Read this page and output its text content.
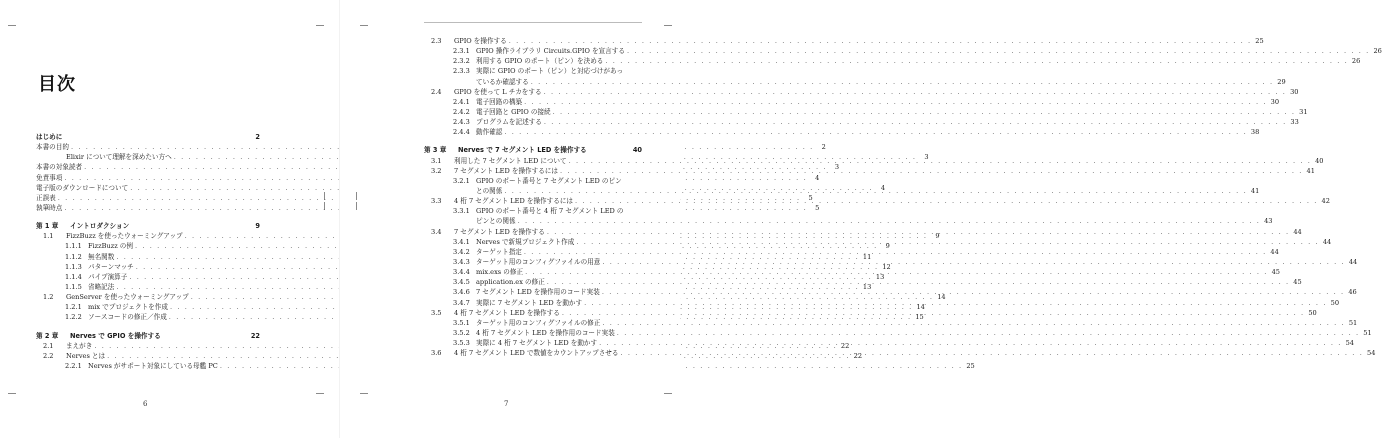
目次
はじめに	2
本書の目的 . . .	2
Elixir について理解を深めたい方へ . . .	3
本書の対象読者 . . .	3
免責事項 . . .	4
電子版のダウンロードについて . . .	4
正誤表 . . .	5
執筆時点 . . .	5
第 1 章	イントロダクション	9
1.1	FizzBuzz を使ったウォーミングアップ . . .	9
1.1.1 FizzBuzz の例 . . .	9
1.1.2 無名関数 . . .	11
1.1.3 パターンマッチ . . .	12
1.1.4 パイプ演算子 . . .	13
1.1.5 省略記法 . . .	13
1.2	GenServer を使ったウォーミングアップ . . .	14
1.2.1 mix でプロジェクトを作成 . . .	14
1.2.2 ソースコードの修正／作成 . . .	15
第 2 章	Nerves で GPIO を操作する	22
2.1	まえがき . . .	22
2.2	Nerves とは . . .	22
2.2.1 Nerves がサポート対象にしている母艦 PC . . .	25
6
2.3	GPIO を操作する . . .	25
2.3.1 GPIO 操作ライブラリ Circuits.GPIO を宣言する . . .	26
2.3.2 利用する GPIO のポート（ピン）を決める . . .	26
2.3.3 実際に GPIO のポート（ピン）と対応づけがあっ
ているか確認する . . .	29
2.4	GPIO を使って L チカをする . . .	30
2.4.1 電子回路の構築 . . .	30
2.4.2 電子回路と GPIO の接続 . . .	31
2.4.3 プログラムを記述する . . .	33
2.4.4 動作確認 . . .	38
第 3 章	Nerves で 7 セグメント LED を操作する	40
3.1	利用した 7 セグメント LED について . . .	40
3.2	7 セグメント LED を操作するには . . .	41
3.2.1 GPIO のポート番号と 7 セグメント LED のピン
との関係 . . .	41
3.3	4 桁 7 セグメント LED を操作するには . . .	42
3.3.1 GPIO のポート番号と 4 桁 7 セグメント LED の
ピンとの関係 . . .	43
3.4	7 セグメント LED を操作する . . .	44
3.4.1 Nerves で新規プロジェクト作成 . . .	44
3.4.2 ターゲット指定 . . .	44
3.4.3 ターゲット用のコンフィグファイルの用意 . . .	44
3.4.4 mix.exs の修正 . . .	45
3.4.5 application.ex の修正 . . .	45
3.4.6 7 セグメント LED を操作用のコード実装 . . .	46
3.4.7 実際に 7 セグメント LED を動かす . . .	50
3.5	4 桁 7 セグメント LED を操作する . . .	50
3.5.1 ターゲット用のコンフィグファイルの修正 . . .	51
3.5.2 4 桁 7 セグメント LED を操作用のコード実装 . . .	51
3.5.3 実際に 4 桁 7 セグメント LED を動かす . . .	54
3.6	4 桁 7 セグメント LED で数値をカウントアップさせる . . .	54
7
